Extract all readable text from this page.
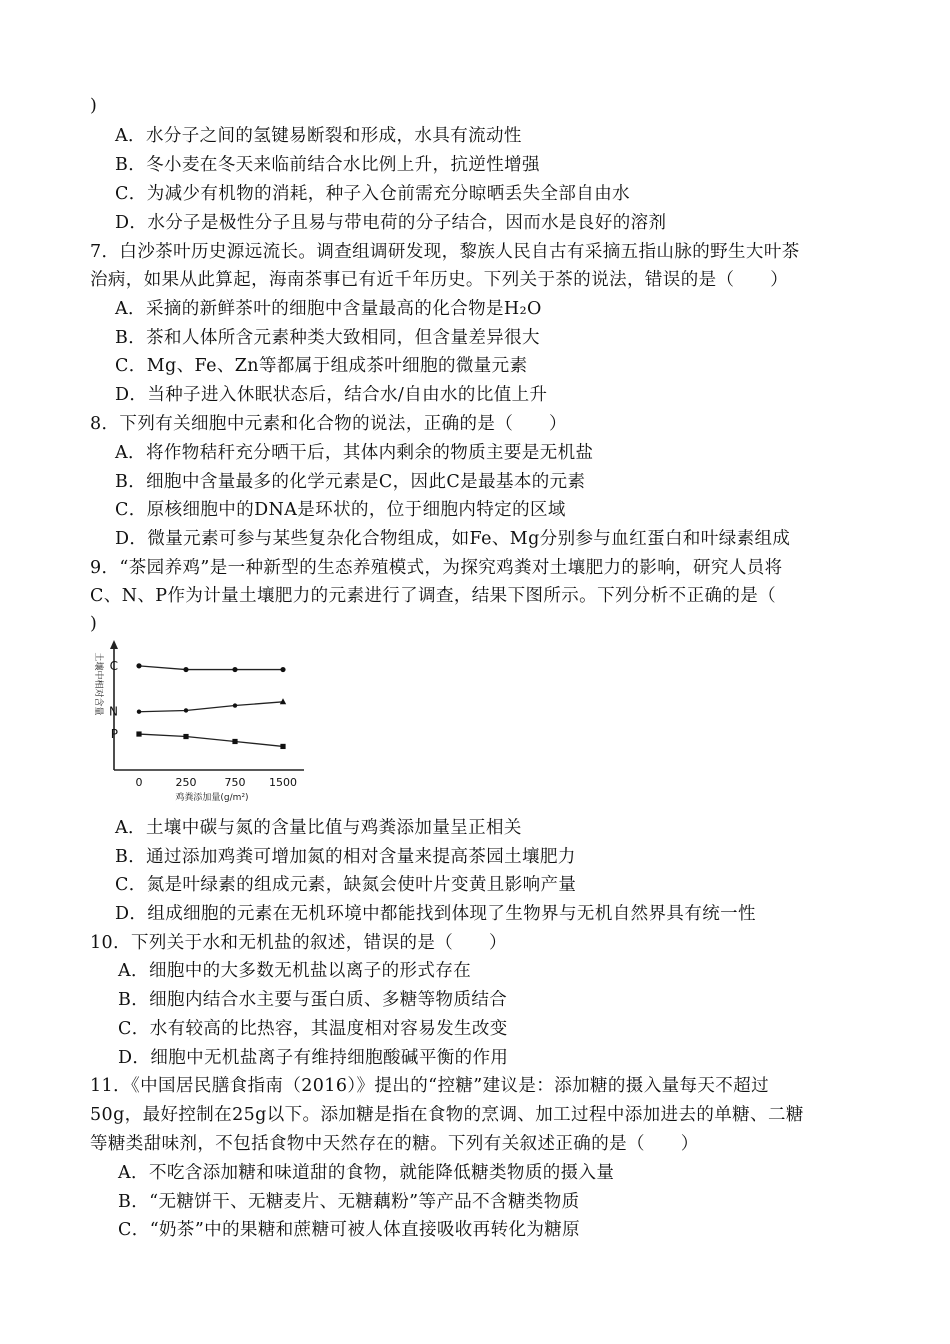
)
A．水分子之间的氢键易断裂和形成，水具有流动性
B．冬小麦在冬天来临前结合水比例上升，抗逆性增强
C．为减少有机物的消耗，种子入仓前需充分晾晒丢失全部自由水
D．水分子是极性分子且易与带电荷的分子结合，因而水是良好的溶剂
7．白沙茶叶历史源远流长。调查组调研发现，黎族人民自古有采摘五指山脉的野生大叶茶
治病，如果从此算起，海南茶事已有近千年历史。下列关于茶的说法，错误的是（　　）
A．采摘的新鲜茶叶的细胞中含量最高的化合物是H₂O
B．茶和人体所含元素种类大致相同，但含量差异很大
C．Mg、Fe、Zn等都属于组成茶叶细胞的微量元素
D．当种子进入休眠状态后，结合水/自由水的比值上升
8．下列有关细胞中元素和化合物的说法，正确的是（　　）
A．将作物秸秆充分晒干后，其体内剩余的物质主要是无机盐
B．细胞中含量最多的化学元素是C，因此C是最基本的元素
C．原核细胞中的DNA是环状的，位于细胞内特定的区域
D．微量元素可参与某些复杂化合物组成，如Fe、Mg分别参与血红蛋白和叶绿素组成
9．“茶园养鸡”是一种新型的生态养殖模式，为探究鸡粪对土壤肥力的影响，研究人员将
C、N、P作为计量土壤肥力的元素进行了调查，结果下图所示。下列分析不正确的是（
)
土壤中相对含量
鸡粪添加量(g/m²)
C
N
P
0	250	750 1500
A．土壤中碳与氮的含量比值与鸡粪添加量呈正相关
B．通过添加鸡粪可增加氮的相对含量来提高茶园土壤肥力
C．氮是叶绿素的组成元素，缺氮会使叶片变黄且影响产量
D．组成细胞的元素在无机环境中都能找到体现了生物界与无机自然界具有统一性
10．下列关于水和无机盐的叙述，错误的是（　　）
A．细胞中的大多数无机盐以离子的形式存在
B．细胞内结合水主要与蛋白质、多糖等物质结合
C．水有较高的比热容，其温度相对容易发生改变
D．细胞中无机盐离子有维持细胞酸碱平衡的作用
11．《中国居民膳食指南（2016）》提出的“控糖”建议是：添加糖的摄入量每天不超过
50g，最好控制在25g以下。添加糖是指在食物的烹调、加工过程中添加进去的单糖、二糖
等糖类甜味剂，不包括食物中天然存在的糖。下列有关叙述正确的是（　　）
A．不吃含添加糖和味道甜的食物，就能降低糖类物质的摄入量
B．“无糖饼干、无糖麦片、无糖藕粉”等产品不含糖类物质
C．“奶茶”中的果糖和蔗糖可被人体直接吸收再转化为糖原
